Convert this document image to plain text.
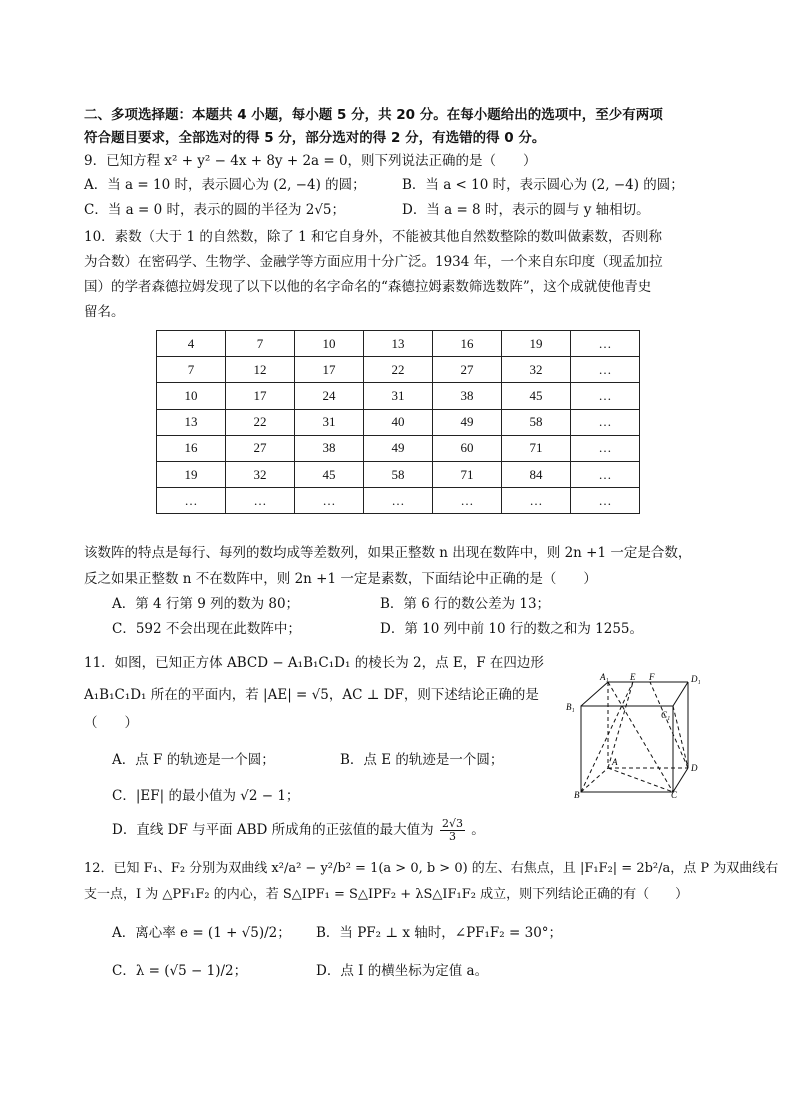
二、多项选择题：本题共 4 小题，每小题 5 分，共 20 分。在每小题给出的选项中，至少有两项
符合题目要求，全部选对的得 5 分，部分选对的得 2 分，有选错的得 0 分。
9．已知方程 x² + y² − 4x + 8y + 2a = 0，则下列说法正确的是（　　）
A．当 a = 10 时，表示圆心为 (2, −4) 的圆；	B．当 a < 10 时，表示圆心为 (2, −4) 的圆；
C．当 a = 0 时，表示的圆的半径为 2√5；	D．当 a = 8 时，表示的圆与 y 轴相切。
10．素数（大于 1 的自然数，除了 1 和它自身外，不能被其他自然数整除的数叫做素数，否则称
为合数）在密码学、生物学、金融学等方面应用十分广泛。1934 年，一个来自东印度（现孟加拉
国）的学者森德拉姆发现了以下以他的名字命名的“森德拉姆素数筛选数阵”，这个成就使他青史
留名。
4	7	10	13	16	19	…
7	12	17	22	27	32	…
10	17	24	31	38	45	…
13	22	31	40	49	58	…
16	27	38	49	60	71	…
19	32	45	58	71	84	…
…	…	…	…	…	…	…
该数阵的特点是每行、每列的数均成等差数列，如果正整数 n 出现在数阵中，则 2n +1 一定是合数，
反之如果正整数 n 不在数阵中，则 2n +1 一定是素数，下面结论中正确的是（　　）
A．第 4 行第 9 列的数为 80；	B．第 6 行的数公差为 13；
C．592 不会出现在此数阵中；	D．第 10 列中前 10 行的数之和为 1255。
11．如图，已知正方体 ABCD − A₁B₁C₁D₁ 的棱长为 2，点 E，F 在四边形
A₁B₁C₁D₁ 所在的平面内，若 |AE| = √5，AC ⊥ DF，则下述结论正确的是
（　　）
A．点 F 的轨迹是一个圆；	B．点 E 的轨迹是一个圆；
C．|EF| 的最小值为 √2 − 1；
D．直线 DF 与平面 ABD 所成角的正弦值的最大值为 $\frac{2√3}{3}$ 。
A₁ E F	D₁
B₁
C₁
A
D
B	C
12．已知 F₁、F₂ 分别为双曲线 x²/a² − y²/b² = 1(a > 0, b > 0) 的左、右焦点，且 |F₁F₂| = 2b²/a，点 P 为双曲线右
支一点，I 为 △PF₁F₂ 的内心，若 S△IPF₁ = S△IPF₂ + λS△IF₁F₂ 成立，则下列结论正确的有（　　）
A．离心率 e = (1 + √5)/2； B．当 PF₂ ⊥ x 轴时，∠PF₁F₂ = 30°；
C．λ = (√5 − 1)/2；	D．点 I 的横坐标为定值 a。
